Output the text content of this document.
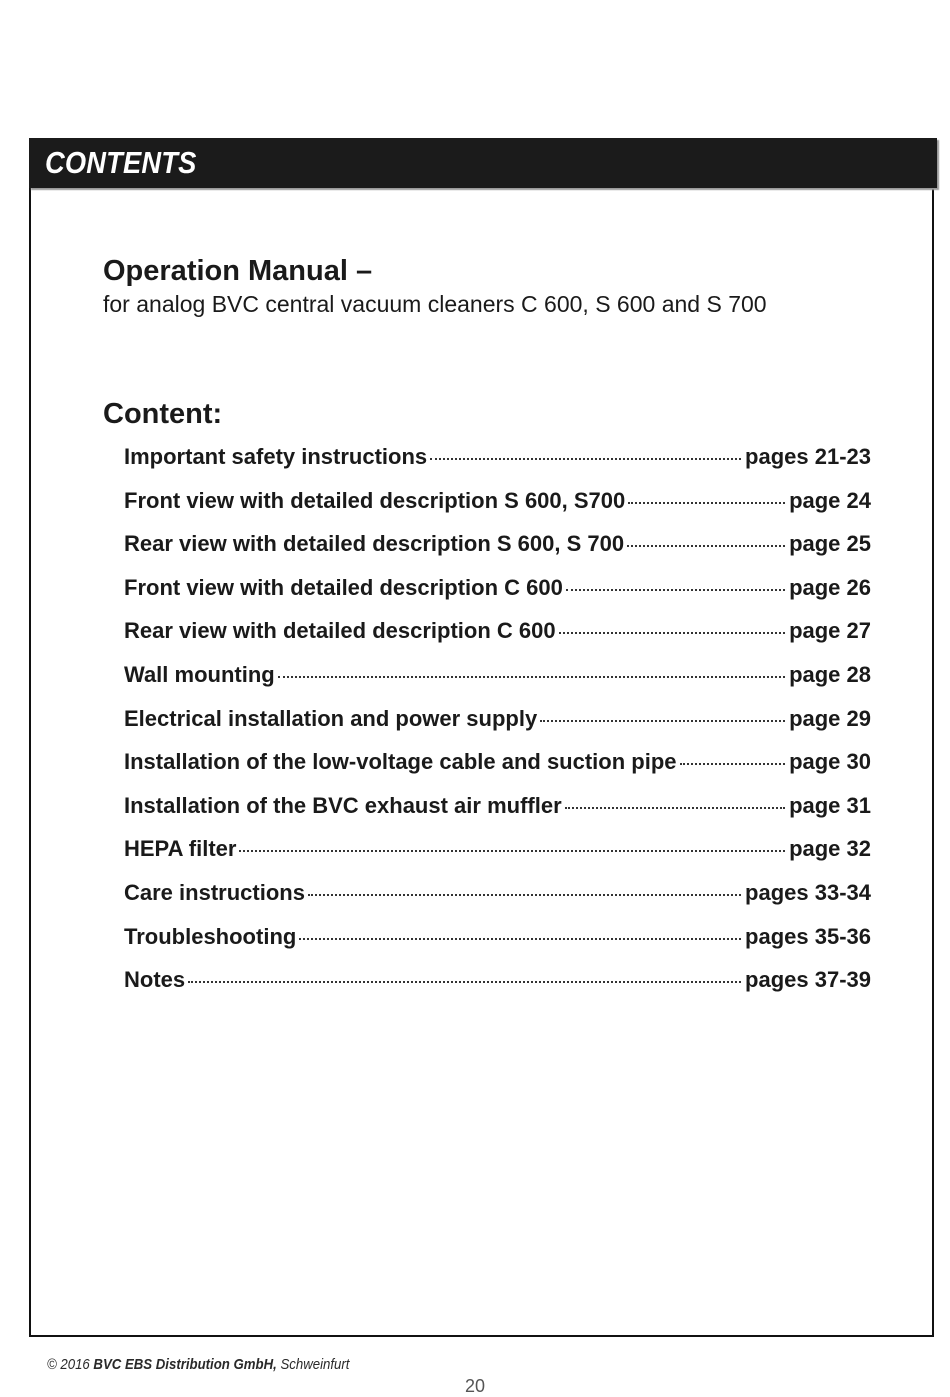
CONTENTS
Operation Manual –
for analog BVC central vacuum cleaners C 600, S 600 and S 700
Content:
Important safety instructions	pages 21-23
Front view with detailed description S 600, S700	page 24
Rear view with detailed description S 600, S 700	page 25
Front view with detailed description C 600	page 26
Rear view with detailed description C 600	page 27
Wall mounting	page 28
Electrical installation and power supply	page 29
Installation of the low-voltage cable and suction pipe	page 30
Installation of the BVC exhaust air muffler	page 31
HEPA filter	page 32
Care instructions	pages 33-34
Troubleshooting	pages 35-36
Notes	pages 37-39
© 2016 BVC EBS Distribution GmbH, Schweinfurt
20
